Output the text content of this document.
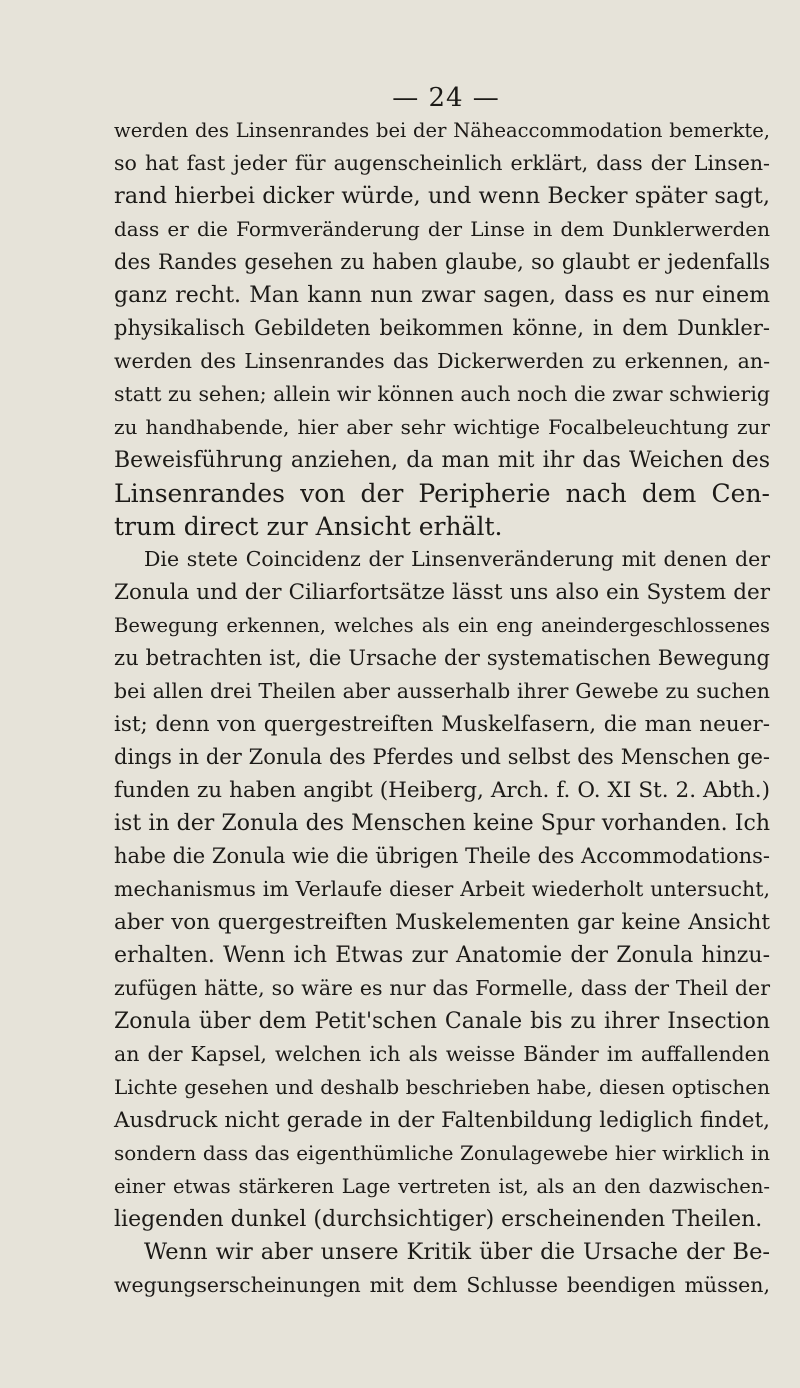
— 24 —
werden des Linsenrandes bei der Näheaccommodation bemerkte,
so hat fast jeder für augenscheinlich erklärt, dass der Linsen-
rand hierbei dicker würde, und wenn Becker später sagt,
dass er die Formveränderung der Linse in dem Dunklerwerden
des Randes gesehen zu haben glaube, so glaubt er jedenfalls
ganz recht. Man kann nun zwar sagen, dass es nur einem
physikalisch Gebildeten beikommen könne, in dem Dunkler-
werden des Linsenrandes das Dickerwerden zu erkennen, an-
statt zu sehen; allein wir können auch noch die zwar schwierig
zu handhabende, hier aber sehr wichtige Focalbeleuchtung zur
Beweisführung anziehen, da man mit ihr das Weichen des
Linsenrandes von der Peripherie nach dem Cen-
trum direct zur Ansicht erhält.
Die stete Coincidenz der Linsenveränderung mit denen der
Zonula und der Ciliarfortsätze lässt uns also ein System der
Bewegung erkennen, welches als ein eng aneindergeschlossenes
zu betrachten ist, die Ursache der systematischen Bewegung
bei allen drei Theilen aber ausserhalb ihrer Gewebe zu suchen
ist; denn von quergestreiften Muskelfasern, die man neuer-
dings in der Zonula des Pferdes und selbst des Menschen ge-
funden zu haben angibt (Heiberg, Arch. f. O. XI St. 2. Abth.)
ist in der Zonula des Menschen keine Spur vorhanden. Ich
habe die Zonula wie die übrigen Theile des Accommodations-
mechanismus im Verlaufe dieser Arbeit wiederholt untersucht,
aber von quergestreiften Muskelementen gar keine Ansicht
erhalten. Wenn ich Etwas zur Anatomie der Zonula hinzu-
zufügen hätte, so wäre es nur das Formelle, dass der Theil der
Zonula über dem Petit'schen Canale bis zu ihrer Insection
an der Kapsel, welchen ich als weisse Bänder im auffallenden
Lichte gesehen und deshalb beschrieben habe, diesen optischen
Ausdruck nicht gerade in der Faltenbildung lediglich findet,
sondern dass das eigenthümliche Zonulagewebe hier wirklich in
einer etwas stärkeren Lage vertreten ist, als an den dazwischen-
liegenden dunkel (durchsichtiger) erscheinenden Theilen.
Wenn wir aber unsere Kritik über die Ursache der Be-
wegungserscheinungen mit dem Schlusse beendigen müssen,
